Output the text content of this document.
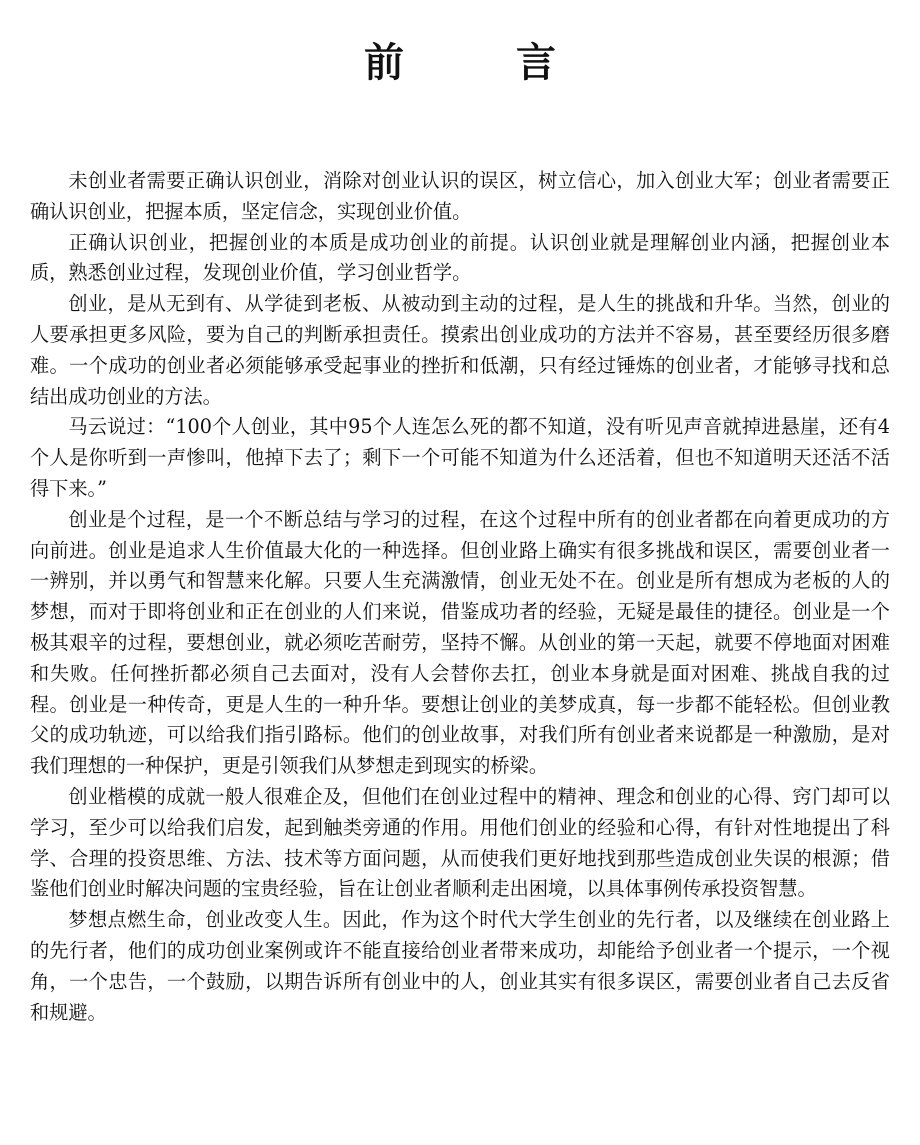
前　言

未创业者需要正确认识创业，消除对创业认识的误区，树立信心，加入创业大军；创业者需要正确认识创业，把握本质，坚定信念，实现创业价值。

正确认识创业，把握创业的本质是成功创业的前提。认识创业就是理解创业内涵，把握创业本质，熟悉创业过程，发现创业价值，学习创业哲学。

创业，是从无到有、从学徒到老板、从被动到主动的过程，是人生的挑战和升华。当然，创业的人要承担更多风险，要为自己的判断承担责任。摸索出创业成功的方法并不容易，甚至要经历很多磨难。一个成功的创业者必须能够承受起事业的挫折和低潮，只有经过锤炼的创业者，才能够寻找和总结出成功创业的方法。

马云说过：“100个人创业，其中95个人连怎么死的都不知道，没有听见声音就掉进悬崖，还有4个人是你听到一声惨叫，他掉下去了；剩下一个可能不知道为什么还活着，但也不知道明天还活不活得下来。”

创业是个过程，是一个不断总结与学习的过程，在这个过程中所有的创业者都在向着更成功的方向前进。创业是追求人生价值最大化的一种选择。但创业路上确实有很多挑战和误区，需要创业者一一辨别，并以勇气和智慧来化解。只要人生充满激情，创业无处不在。创业是所有想成为老板的人的梦想，而对于即将创业和正在创业的人们来说，借鉴成功者的经验，无疑是最佳的捷径。创业是一个极其艰辛的过程，要想创业，就必须吃苦耐劳，坚持不懈。从创业的第一天起，就要不停地面对困难和失败。任何挫折都必须自己去面对，没有人会替你去扛，创业本身就是面对困难、挑战自我的过程。创业是一种传奇，更是人生的一种升华。要想让创业的美梦成真，每一步都不能轻松。但创业教父的成功轨迹，可以给我们指引路标。他们的创业故事，对我们所有创业者来说都是一种激励，是对我们理想的一种保护，更是引领我们从梦想走到现实的桥梁。

创业楷模的成就一般人很难企及，但他们在创业过程中的精神、理念和创业的心得、窍门却可以学习，至少可以给我们启发，起到触类旁通的作用。用他们创业的经验和心得，有针对性地提出了科学、合理的投资思维、方法、技术等方面问题，从而使我们更好地找到那些造成创业失误的根源；借鉴他们创业时解决问题的宝贵经验，旨在让创业者顺利走出困境，以具体事例传承投资智慧。

梦想点燃生命，创业改变人生。因此，作为这个时代大学生创业的先行者，以及继续在创业路上的先行者，他们的成功创业案例或许不能直接给创业者带来成功，却能给予创业者一个提示，一个视角，一个忠告，一个鼓励，以期告诉所有创业中的人，创业其实有很多误区，需要创业者自己去反省和规避。
